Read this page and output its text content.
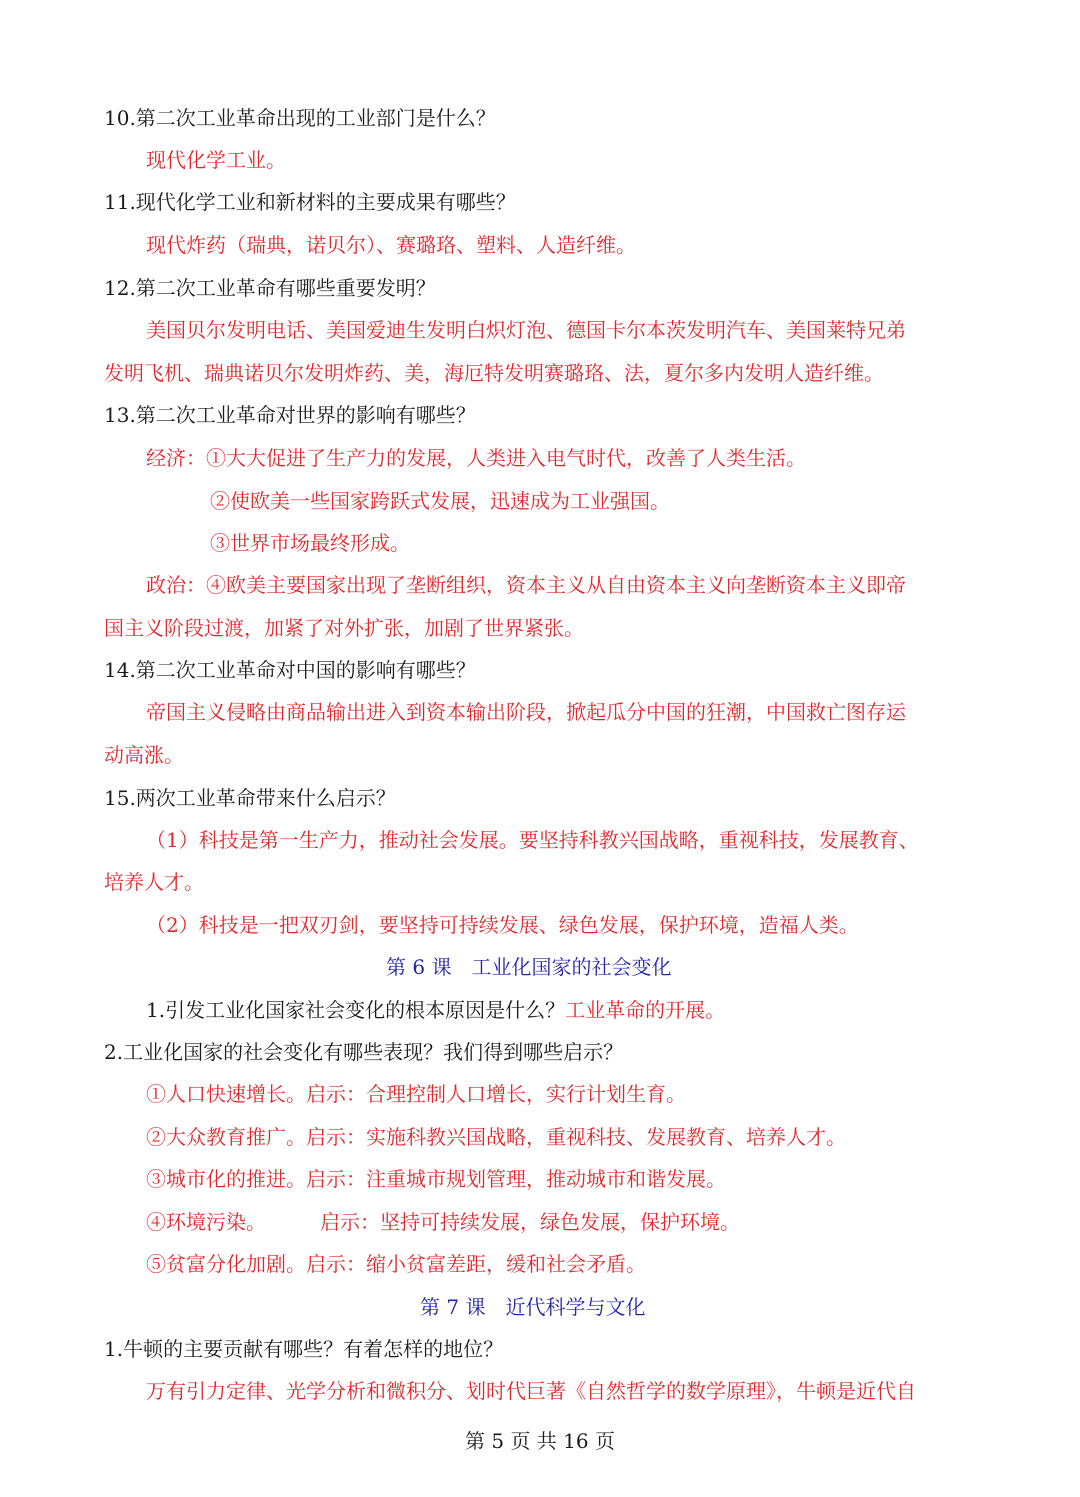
10.第二次工业革命出现的工业部门是什么？
现代化学工业。
11.现代化学工业和新材料的主要成果有哪些？
现代炸药（瑞典，诺贝尔）、赛璐珞、塑料、人造纤维。
12.第二次工业革命有哪些重要发明？
美国贝尔发明电话、美国爱迪生发明白炽灯泡、德国卡尔本茨发明汽车、美国莱特兄弟
发明飞机、瑞典诺贝尔发明炸药、美，海厄特发明赛璐珞、法，夏尔多内发明人造纤维。
13.第二次工业革命对世界的影响有哪些？
经济：①大大促进了生产力的发展，人类进入电气时代，改善了人类生活。
②使欧美一些国家跨跃式发展，迅速成为工业强国。
③世界市场最终形成。
政治：④欧美主要国家出现了垄断组织，资本主义从自由资本主义向垄断资本主义即帝
国主义阶段过渡，加紧了对外扩张，加剧了世界紧张。
14.第二次工业革命对中国的影响有哪些？
帝国主义侵略由商品输出进入到资本输出阶段，掀起瓜分中国的狂潮，中国救亡图存运
动高涨。
15.两次工业革命带来什么启示？
（1）科技是第一生产力，推动社会发展。要坚持科教兴国战略，重视科技，发展教育、
培养人才。
（2）科技是一把双刃剑，要坚持可持续发展、绿色发展，保护环境，造福人类。
第 6 课　工业化国家的社会变化
1.引发工业化国家社会变化的根本原因是什么？工业革命的开展。
2.工业化国家的社会变化有哪些表现？我们得到哪些启示？
①人口快速增长。启示：合理控制人口增长，实行计划生育。
②大众教育推广。启示：实施科教兴国战略，重视科技、发展教育、培养人才。
③城市化的推进。启示：注重城市规划管理，推动城市和谐发展。
④环境污染。	启示：坚持可持续发展，绿色发展，保护环境。
⑤贫富分化加剧。启示：缩小贫富差距，缓和社会矛盾。
第 7 课　近代科学与文化
1.牛顿的主要贡献有哪些？有着怎样的地位？
万有引力定律、光学分析和微积分、划时代巨著《自然哲学的数学原理》，牛顿是近代自
第 5 页 共 16 页
